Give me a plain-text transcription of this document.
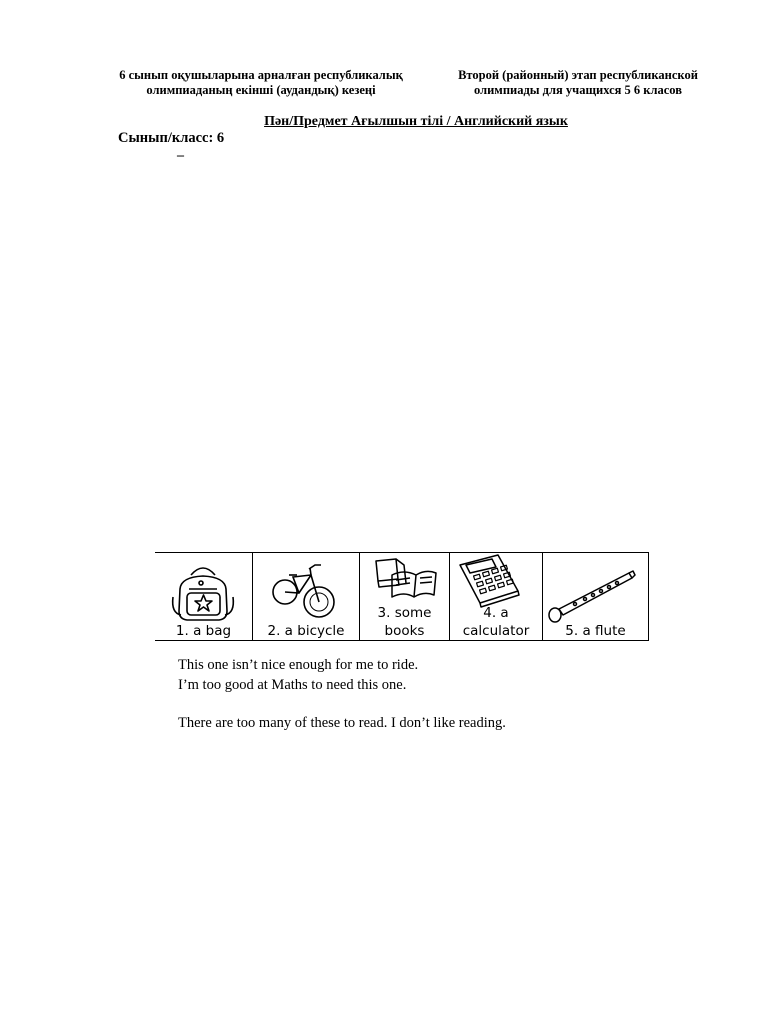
6 сынып оқушыларына арналған республикалық
олимпиаданың екінші (аудандық) кезеңі
Второй (районный) этап республиканской
олимпиады для учащихся 5 6 класов
Пән/Предмет Ағылшын тілі / Английский язык
Сынып/класс: 6
–
1. a bag	2. a bicycle
3. some
books
4. a
calculator	5. a flute

This one isn’t nice enough for me to ride.

I’m too good at Maths to need this one.

There are too many of these to read. I don’t like reading.
